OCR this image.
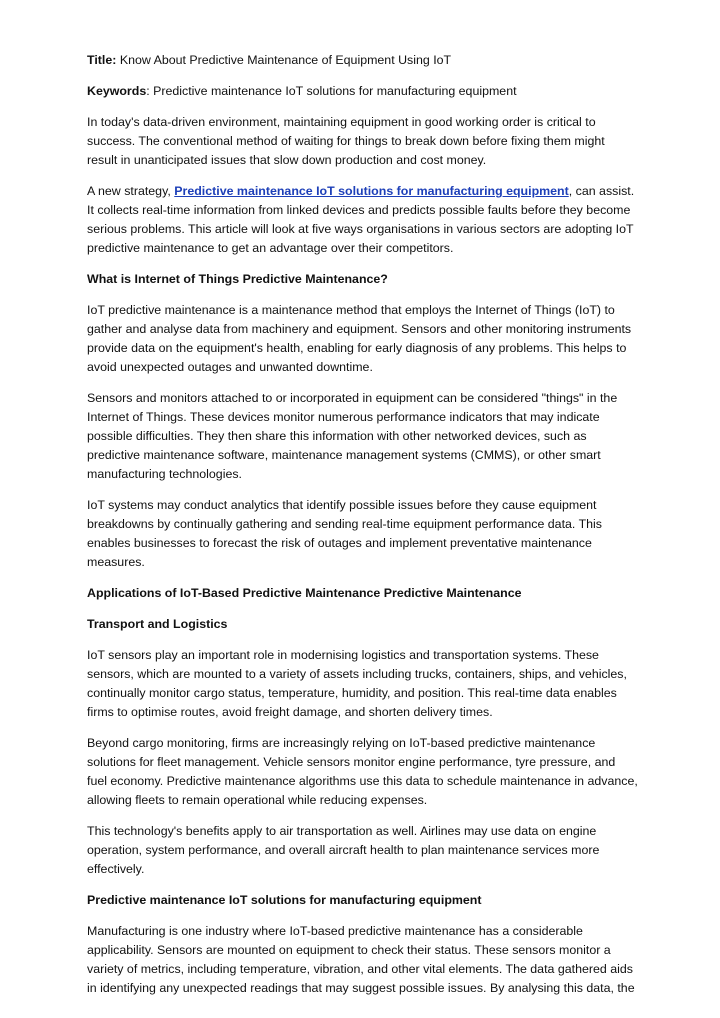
Title: Know About Predictive Maintenance of Equipment Using IoT

Keywords: Predictive maintenance IoT solutions for manufacturing equipment

In today's data-driven environment, maintaining equipment in good working order is critical to success. The conventional method of waiting for things to break down before fixing them might result in unanticipated issues that slow down production and cost money.

A new strategy, Predictive maintenance IoT solutions for manufacturing equipment, can assist. It collects real-time information from linked devices and predicts possible faults before they become serious problems. This article will look at five ways organisations in various sectors are adopting IoT predictive maintenance to get an advantage over their competitors.

What is Internet of Things Predictive Maintenance?

IoT predictive maintenance is a maintenance method that employs the Internet of Things (IoT) to gather and analyse data from machinery and equipment. Sensors and other monitoring instruments provide data on the equipment's health, enabling for early diagnosis of any problems. This helps to avoid unexpected outages and unwanted downtime.

Sensors and monitors attached to or incorporated in equipment can be considered "things" in the Internet of Things. These devices monitor numerous performance indicators that may indicate possible difficulties. They then share this information with other networked devices, such as predictive maintenance software, maintenance management systems (CMMS), or other smart manufacturing technologies.

IoT systems may conduct analytics that identify possible issues before they cause equipment breakdowns by continually gathering and sending real-time equipment performance data. This enables businesses to forecast the risk of outages and implement preventative maintenance measures.

Applications of IoT-Based Predictive Maintenance Predictive Maintenance

Transport and Logistics

IoT sensors play an important role in modernising logistics and transportation systems. These sensors, which are mounted to a variety of assets including trucks, containers, ships, and vehicles, continually monitor cargo status, temperature, humidity, and position. This real-time data enables firms to optimise routes, avoid freight damage, and shorten delivery times.

Beyond cargo monitoring, firms are increasingly relying on IoT-based predictive maintenance solutions for fleet management. Vehicle sensors monitor engine performance, tyre pressure, and fuel economy. Predictive maintenance algorithms use this data to schedule maintenance in advance, allowing fleets to remain operational while reducing expenses.

This technology's benefits apply to air transportation as well. Airlines may use data on engine operation, system performance, and overall aircraft health to plan maintenance services more effectively.

Predictive maintenance IoT solutions for manufacturing equipment

Manufacturing is one industry where IoT-based predictive maintenance has a considerable applicability. Sensors are mounted on equipment to check their status. These sensors monitor a variety of metrics, including temperature, vibration, and other vital elements. The data gathered aids in identifying any unexpected readings that may suggest possible issues. By analysing this data, the
